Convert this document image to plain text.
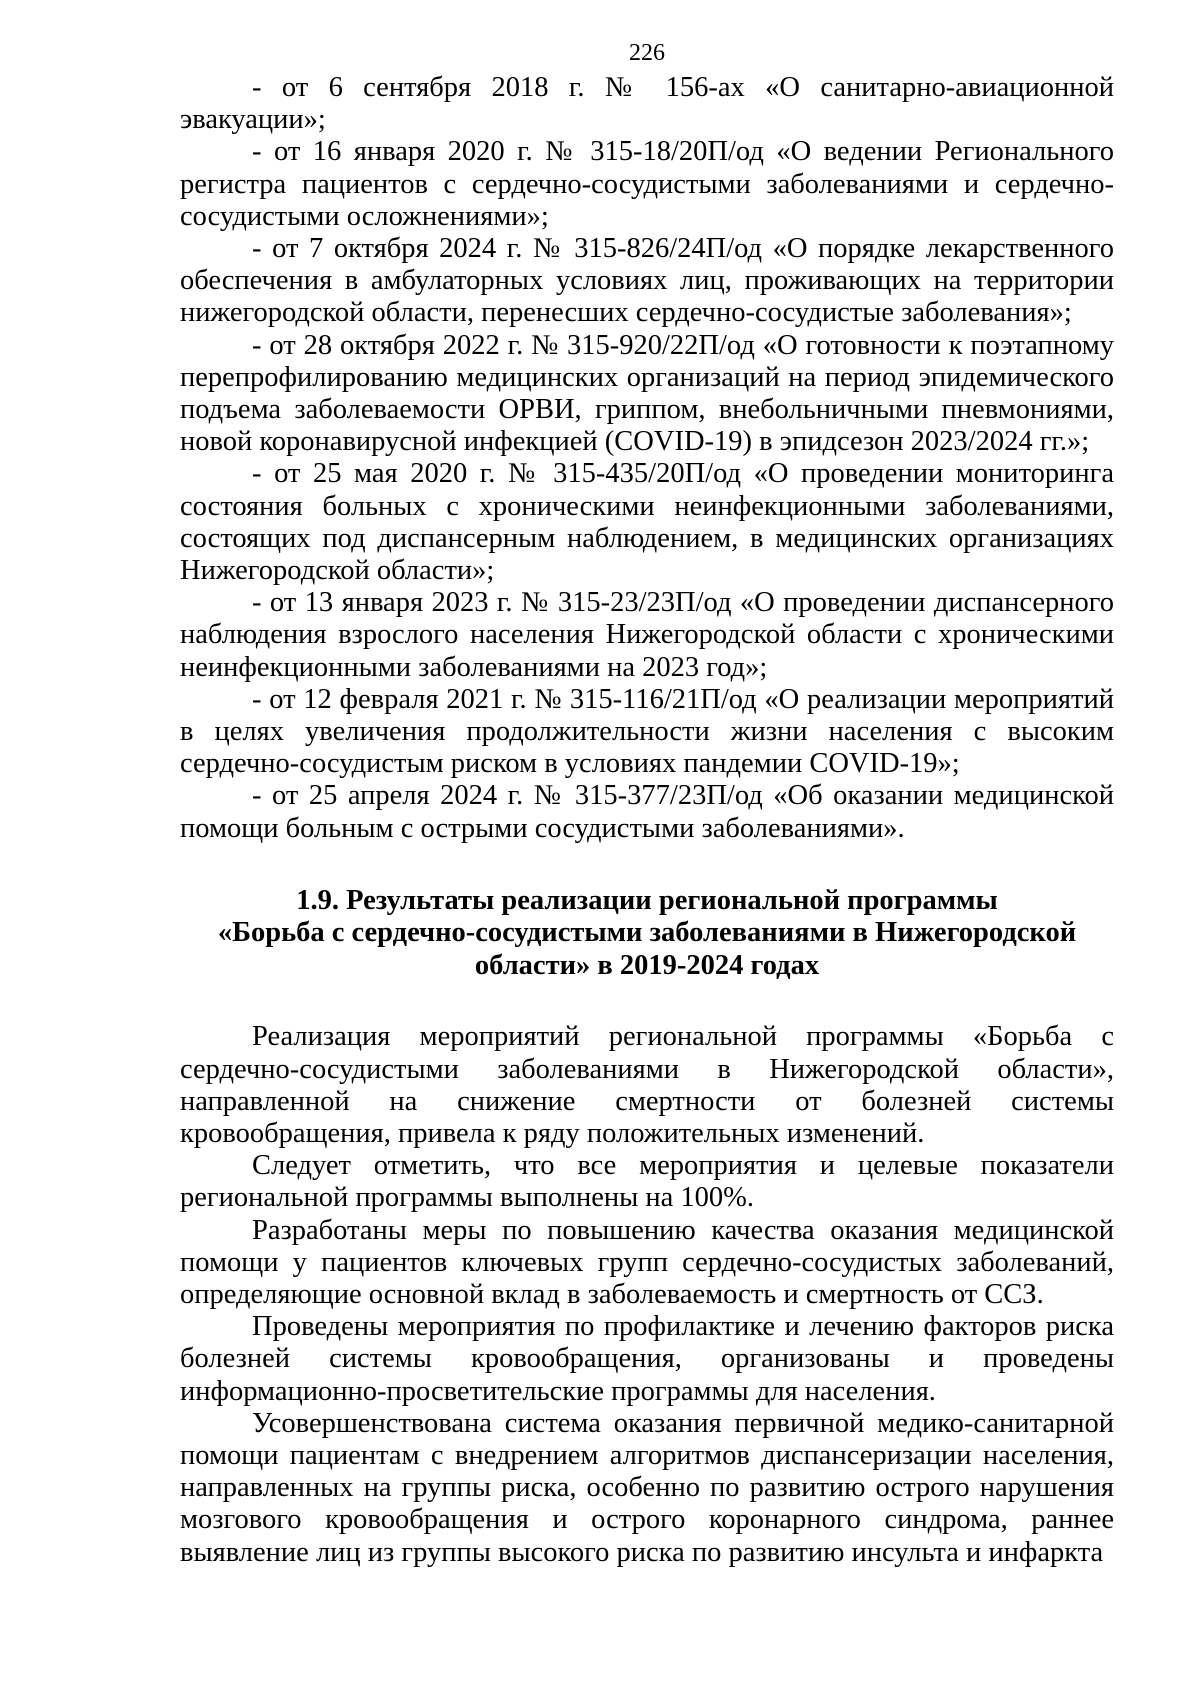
226

- от 6 сентября 2018 г. № 156-ах «О санитарно-авиационной эвакуации»;

- от 16 января 2020 г. № 315-18/20П/од «О ведении Регионального регистра пациентов с сердечно-сосудистыми заболеваниями и сердечно-сосудистыми осложнениями»;

- от 7 октября 2024 г. № 315-826/24П/од «О порядке лекарственного обеспечения в амбулаторных условиях лиц, проживающих на территории нижегородской области, перенесших сердечно-сосудистые заболевания»;

- от 28 октября 2022 г. № 315-920/22П/од «О готовности к поэтапному перепрофилированию медицинских организаций на период эпидемического подъема заболеваемости ОРВИ, гриппом, внебольничными пневмониями, новой коронавирусной инфекцией (COVID-19) в эпидсезон 2023/2024 гг.»;

- от 25 мая 2020 г. № 315-435/20П/од «О проведении мониторинга состояния больных с хроническими неинфекционными заболеваниями, состоящих под диспансерным наблюдением, в медицинских организациях Нижегородской области»;

- от 13 января 2023 г. № 315-23/23П/од «О проведении диспансерного наблюдения взрослого населения Нижегородской области с хроническими неинфекционными заболеваниями на 2023 год»;

- от 12 февраля 2021 г. № 315-116/21П/од «О реализации мероприятий в целях увеличения продолжительности жизни населения с высоким сердечно-сосудистым риском в условиях пандемии COVID-19»;

- от 25 апреля 2024 г. № 315-377/23П/од «Об оказании медицинской помощи больным с острыми сосудистыми заболеваниями».

1.9. Результаты реализации региональной программы
«Борьба с сердечно-сосудистыми заболеваниями в Нижегородской
области» в 2019-2024 годах

Реализация мероприятий региональной программы «Борьба с сердечно-сосудистыми заболеваниями в Нижегородской области», направленной на снижение смертности от болезней системы кровообращения, привела к ряду положительных изменений.

Следует отметить, что все мероприятия и целевые показатели региональной программы выполнены на 100%.

Разработаны меры по повышению качества оказания медицинской помощи у пациентов ключевых групп сердечно-сосудистых заболеваний, определяющие основной вклад в заболеваемость и смертность от ССЗ.

Проведены мероприятия по профилактике и лечению факторов риска болезней системы кровообращения, организованы и проведены информационно-просветительские программы для населения.

Усовершенствована система оказания первичной медико-санитарной помощи пациентам с внедрением алгоритмов диспансеризации населения, направленных на группы риска, особенно по развитию острого нарушения мозгового кровообращения и острого коронарного синдрома, раннее выявление лиц из группы высокого риска по развитию инсульта и инфаркта
